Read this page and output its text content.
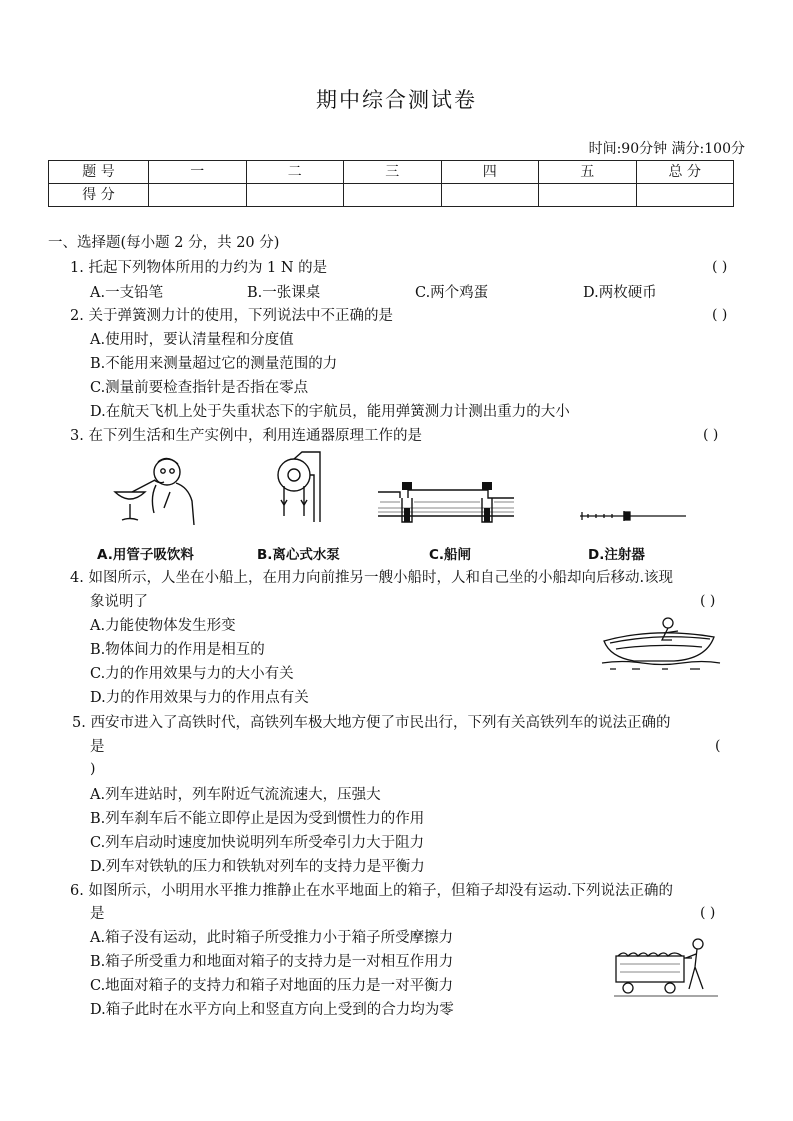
期中综合测试卷
时间:90分钟 满分:100分
题 号	一	二	三	四	五	总 分
得 分						
一、选择题(每小题 2 分，共 20 分)
1. 托起下列物体所用的力约为 1 N 的是	( )
A.一支铅笔	B.一张课桌	C.两个鸡蛋	D.两枚硬币
2. 关于弹簧测力计的使用，下列说法中不正确的是	( )
A.使用时，要认清量程和分度值
B.不能用来测量超过它的测量范围的力
C.测量前要检查指针是否指在零点
D.在航天飞机上处于失重状态下的宇航员，能用弹簧测力计测出重力的大小
3. 在下列生活和生产实例中，利用连通器原理工作的是	( )
A.用管子吸饮料	B.离心式水泵	C.船闸	D.注射器
4. 如图所示，人坐在小船上，在用力向前推另一艘小船时，人和自己坐的小船却向后移动.该现
象说明了	( )
A.力能使物体发生形变
B.物体间力的作用是相互的
C.力的作用效果与力的大小有关
D.力的作用效果与力的作用点有关
5. 西安市进入了高铁时代，高铁列车极大地方便了市民出行，下列有关高铁列车的说法正确的
是	(
)
A.列车进站时，列车附近气流流速大，压强大
B.列车刹车后不能立即停止是因为受到惯性力的作用
C.列车启动时速度加快说明列车所受牵引力大于阻力
D.列车对铁轨的压力和铁轨对列车的支持力是平衡力
6. 如图所示，小明用水平推力推静止在水平地面上的箱子，但箱子却没有运动.下列说法正确的
是	( )
A.箱子没有运动，此时箱子所受推力小于箱子所受摩擦力
B.箱子所受重力和地面对箱子的支持力是一对相互作用力
C.地面对箱子的支持力和箱子对地面的压力是一对平衡力
D.箱子此时在水平方向上和竖直方向上受到的合力均为零
